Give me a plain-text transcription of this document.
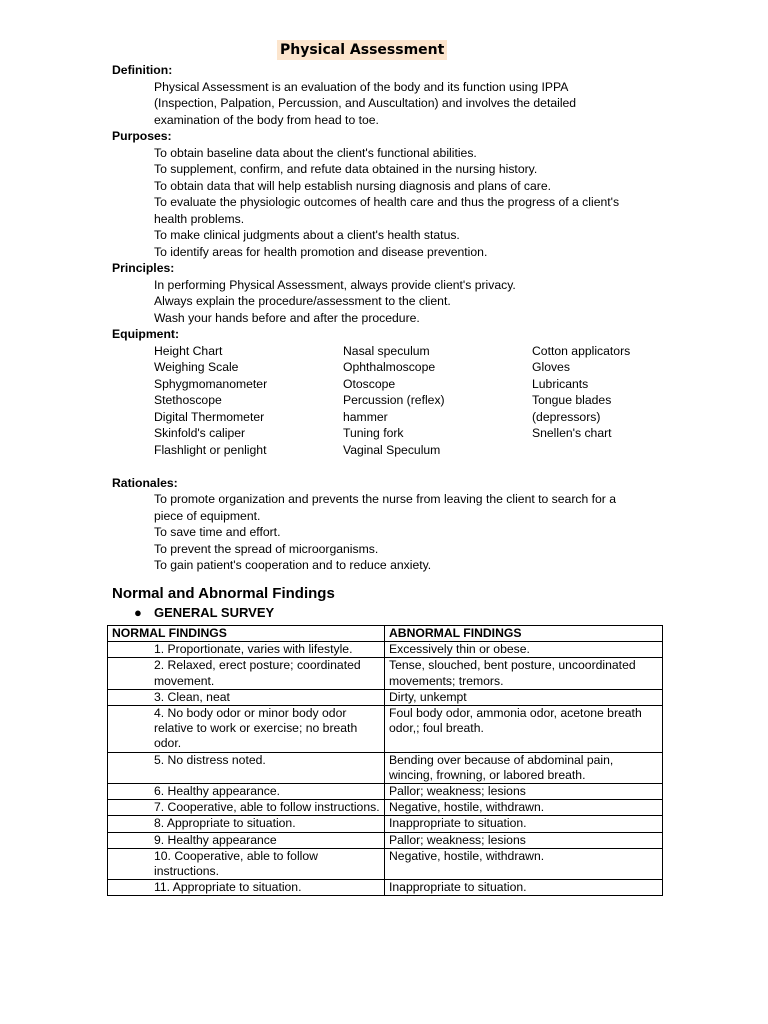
Physical Assessment
Definition:
Physical Assessment is an evaluation of the body and its function using IPPA
(Inspection, Palpation, Percussion, and Auscultation) and involves the detailed
examination of the body from head to toe.
Purposes:
To obtain baseline data about the client's functional abilities.
To supplement, confirm, and refute data obtained in the nursing history.
To obtain data that will help establish nursing diagnosis and plans of care.
To evaluate the physiologic outcomes of health care and thus the progress of a client's
health problems.
To make clinical judgments about a client's health status.
To identify areas for health promotion and disease prevention.
Principles:
In performing Physical Assessment, always provide client's privacy.
Always explain the procedure/assessment to the client.
Wash your hands before and after the procedure.
Equipment:
Height Chart	Nasal speculum	Cotton applicators
Weighing Scale	Ophthalmoscope	Gloves
Sphygmomanometer	Otoscope	Lubricants
Stethoscope	Percussion (reflex)	Tongue blades
Digital Thermometer	hammer	(depressors)
Skinfold's caliper	Tuning fork	Snellen's chart
Flashlight or penlight	Vaginal Speculum
Rationales:
To promote organization and prevents the nurse from leaving the client to search for a
piece of equipment.
To save time and effort.
To prevent the spread of microorganisms.
To gain patient's cooperation and to reduce anxiety.
Normal and Abnormal Findings
● GENERAL SURVEY
NORMAL FINDINGS	ABNORMAL FINDINGS
1. Proportionate, varies with lifestyle.	Excessively thin or obese.
2. Relaxed, erect posture; coordinated movement.	Tense, slouched, bent posture, uncoordinated movements; tremors.
3. Clean, neat	Dirty, unkempt
4. No body odor or minor body odor relative to work or exercise; no breath odor.	Foul body odor, ammonia odor, acetone breath odor,; foul breath.
5. No distress noted.	Bending over because of abdominal pain, wincing, frowning, or labored breath.
6. Healthy appearance.	Pallor; weakness; lesions
7. Cooperative, able to follow instructions.	Negative, hostile, withdrawn.
8. Appropriate to situation.	Inappropriate to situation.
9. Healthy appearance	Pallor; weakness; lesions
10. Cooperative, able to follow instructions.	Negative, hostile, withdrawn.
11. Appropriate to situation.	Inappropriate to situation.
